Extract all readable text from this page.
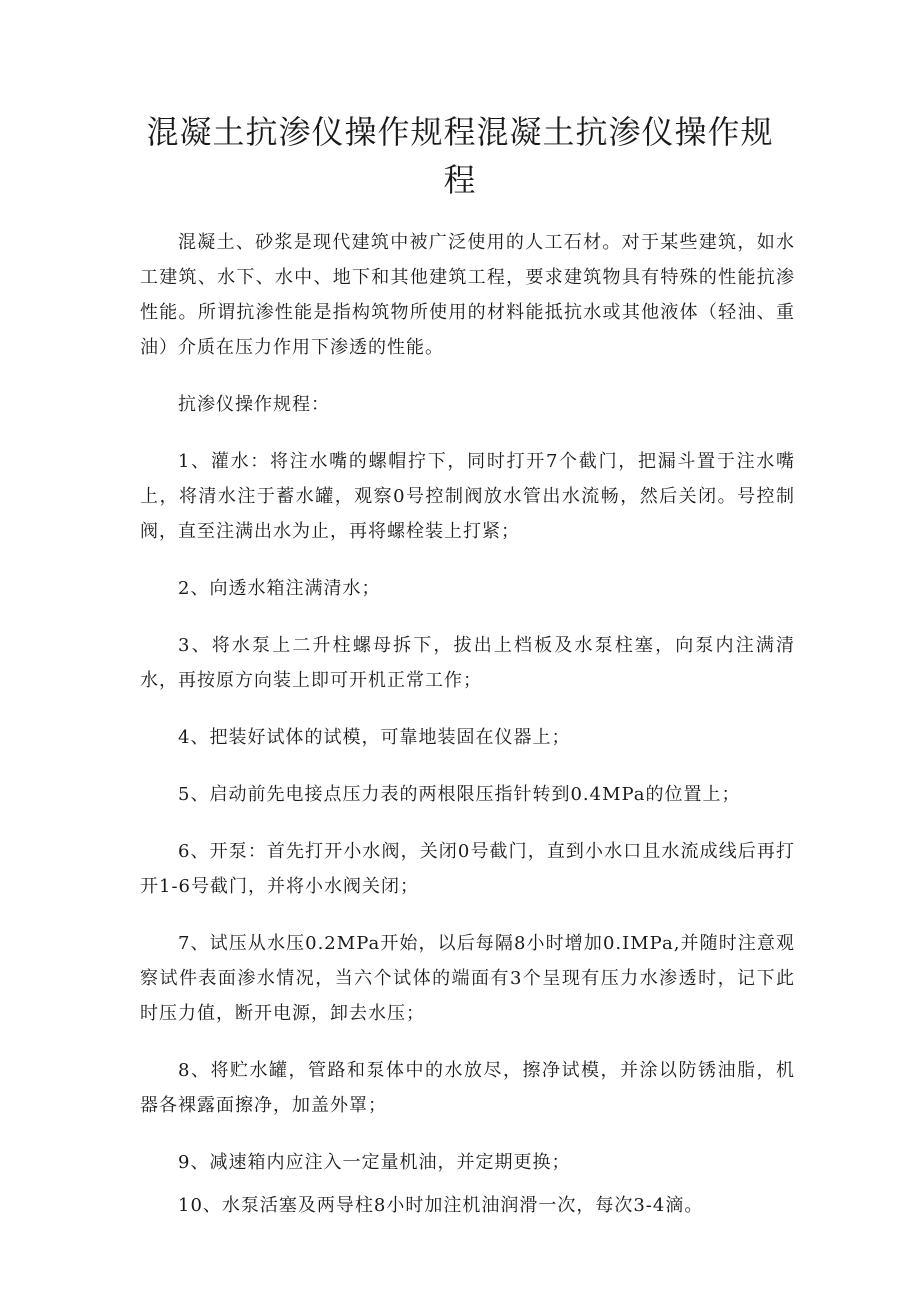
混凝土抗渗仪操作规程混凝土抗渗仪操作规程

混凝土、砂浆是现代建筑中被广泛使用的人工石材。对于某些建筑，如水工建筑、水下、水中、地下和其他建筑工程，要求建筑物具有特殊的性能抗渗性能。所谓抗渗性能是指构筑物所使用的材料能抵抗水或其他液体（轻油、重油）介质在压力作用下渗透的性能。

抗渗仪操作规程：

1、灌水：将注水嘴的螺帽拧下，同时打开7个截门，把漏斗置于注水嘴上，将清水注于蓄水罐，观察0号控制阀放水管出水流畅，然后关闭。号控制阀，直至注满出水为止，再将螺栓装上打紧；

2、向透水箱注满清水；

3、将水泵上二升柱螺母拆下，拔出上档板及水泵柱塞，向泵内注满清水，再按原方向装上即可开机正常工作；

4、把装好试体的试模，可靠地装固在仪器上；

5、启动前先电接点压力表的两根限压指针转到0.4MPa的位置上；

6、开泵：首先打开小水阀，关闭0号截门，直到小水口且水流成线后再打开1-6号截门，并将小水阀关闭；

7、试压从水压0.2MPa开始，以后每隔8小时增加0.IMPa,并随时注意观察试件表面渗水情况，当六个试体的端面有3个呈现有压力水渗透时，记下此时压力值，断开电源，卸去水压；

8、将贮水罐，管路和泵体中的水放尽，擦净试模，并涂以防锈油脂，机器各裸露面擦净，加盖外罩；

9、减速箱内应注入一定量机油，并定期更换；

10、水泵活塞及两导柱8小时加注机油润滑一次，每次3-4滴。
